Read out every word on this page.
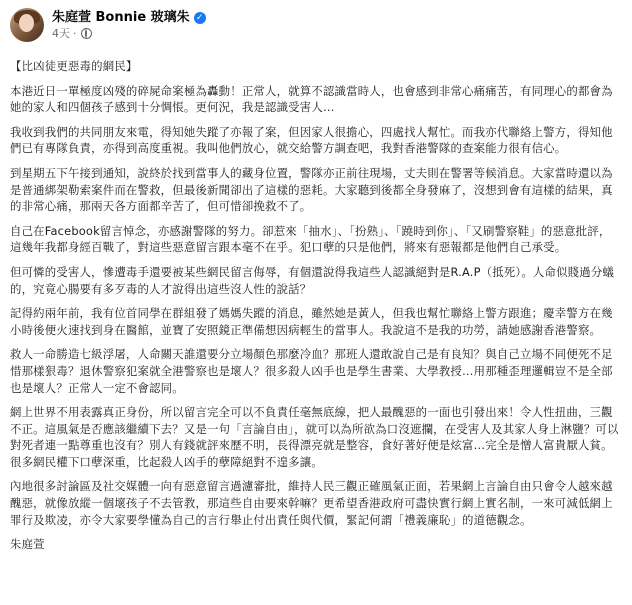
朱庭萱 Bonnie 玻璃朱 ✓
4天 ·

【比凶徒更惡毒的網民】

本港近日一單極度凶殘的碎屍命案極為轟動！正常人，就算不認識當時人，也會感到非常心痛痛苦，有同理心的都會為她的家人和四個孩子感到十分惆悵。更何況，我是認識受害人…

我收到我們的共同朋友來電，得知她失蹤了亦報了案，但因家人很擔心，四處找人幫忙。而我亦代聯絡上警方，得知他們已有專隊負責，亦得到高度重視。我叫他們放心，就交給警方調查吧，我對香港警隊的查案能力很有信心。

到星期五下午接到通知，說終於找到當事人的藏身位置，警隊亦正前往現場，丈夫則在警署等候消息。大家當時還以為是普通綁架勒索案件而在警救，但最後新聞卻出了這樣的惡耗。大家聽到後都全身發麻了，沒想到會有這樣的結果，真的非常心痛，那兩天各方面都辛苦了，但可惜卻挽救不了。

自己在Facebook留言悼念，亦感謝警隊的努力。卻惹來「抽水」、「扮熟」、「蹺時到你」、「又刷警察鞋」的惡意批評，這幾年我都身經百戰了，對這些惡意留言跟本毫不在乎。犯口孽的只是他們，將來有惡報都是他們自己承受。

但可憐的受害人，慘遭毒手還要被某些網民留言侮辱，有個還說得我這些人認識絕對是R.A.P（抵死）。人命似賤過分蟻的，究竟心腸要有多歹毒的人才說得出這些沒人性的說話？

記得約兩年前，我有位首同學在群組發了媽媽失蹤的消息，雖然她是黃人，但我也幫忙聯絡上警方跟進；慶幸警方在幾小時後便火速找到身在醫館，並寶了安照鏡正準備想因病輕生的當事人。我說這不是我的功勞，請她感謝香港警察。

救人一命勝造七級浮屠，人命關天誰還要分立場顏色那麼冷血？那班人還敢說自己是有良知？與自己立場不同便死不足惜那樣狠毒？退休警察犯案就全港警察也是壞人？很多殺人凶手也是學生書業、大學教授…用那種歪理邏輯豈不是全部也是壞人？正常人一定不會認同。

網上世界不用表露真正身份，所以留言完全可以不負責任毫無底線，把人最醜惡的一面也引發出來！令人性扭曲，三觀不正。這風氣是否應該繼續下去？又是一句「言論自由」，就可以為所欲為口沒遮攔，在受害人及其家人身上淋鹽？可以對死者連一點尊重也沒有？別人有錢就評來歷不明，長得漂亮就是整容，食好著好便是炫富…完全是憎人富貴厭人貧。很多網民權下口孽深重，比起殺人凶手的孽障絕對不遑多讓。

內地很多討論區及社交媒體一向有惡意留言過濾審批，維持人民三觀正確風氣正面，若果網上言論自由只會令人越來越醜惡，就像放縱一個壞孩子不去管教，那這些自由要來幹嘛？更希望香港政府可盡快實行網上實名制，一來可減低網上罪行及欺凌，亦令大家要學懂為自己的言行舉止付出責任與代價，緊記何謂「禮義廉恥」的道德觀念。

朱庭萱
